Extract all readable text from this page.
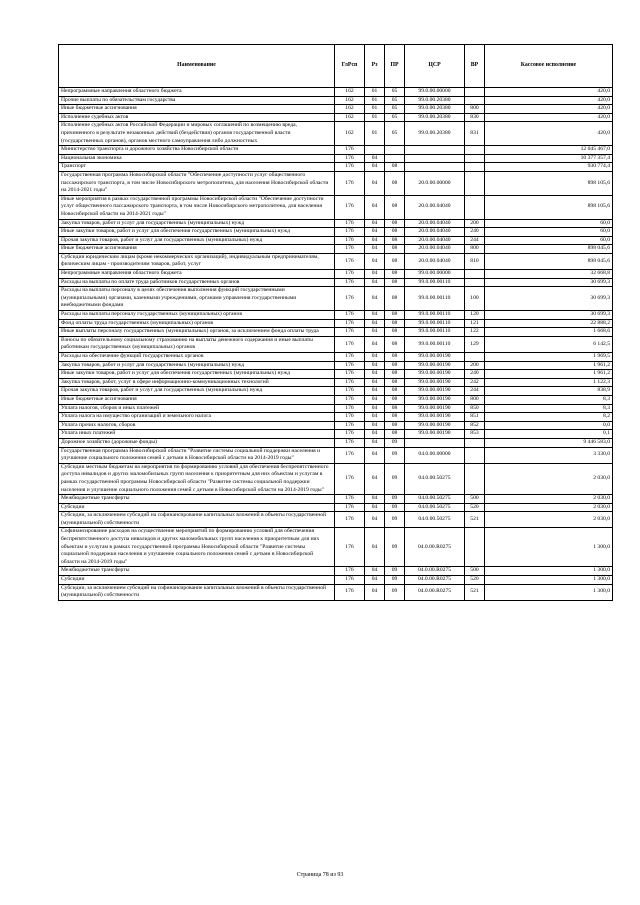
Наименование	ГлРсп	Рз	ПР	ЦСР	ВР	Кассовое исполнение
Непрограммные направления областного бюджета	162	01	05	99.0.00.00000		420,0
Прочие выплаты по обязательствам государства	162	01	05	99.0.00.20380		420,0
Иные бюджетные ассигнования	162	01	05	99.0.00.20380	800	420,0
Исполнение судебных актов	162	01	05	99.0.00.20380	830	420,0
Исполнение судебных актов Российской Федерации и мировых соглашений по возмещению вреда, причиненного в результате незаконных действий (бездействия) органов государственной власти (государственных органов), органов местного самоуправления либо должностных	162	01	05	99.0.00.20380	831	420,0
Министерство транспорта и дорожного хозяйства Новосибирской области	176					12 045 467,0
Национальная экономика	176	04				10 377 357,4
Транспорт	176	04	08			930 774,4
Государственная программа Новосибирской области "Обеспечение доступности услуг общественного пассажирского транспорта, в том числе Новосибирского метрополитена, для населения Новосибирской области на 2014-2021 годы"	176	04	08	20.0.00.00000		898 105,6
Иные мероприятия в рамках государственной программы Новосибирской области "Обеспечение доступности услуг общественного пассажирского транспорта, в том числе Новосибирского метрополитена, для населения Новосибирской области на 2014-2021 годы"	176	04	08	20.0.00.04040		898 105,6
Закупка товаров, работ и услуг для государственных (муниципальных) нужд	176	04	08	20.0.00.04040	200	60,0
Иные закупки товаров, работ и услуг для обеспечения государственных (муниципальных) нужд	176	04	08	20.0.00.04040	240	60,0
Прочая закупка товаров, работ и услуг для государственных (муниципальных) нужд	176	04	08	20.0.00.04040	244	60,0
Иные бюджетные ассигнования	176	04	08	20.0.00.04040	800	898 045,6
Субсидии юридическим лицам (кроме некоммерческих организаций), индивидуальным предпринимателям, физическим лицам - производителям товаров, работ, услуг	176	04	08	20.0.00.04040	810	898 045,6
Непрограммные направления областного бюджета	176	04	08	99.0.00.00000		32 668,8
Расходы на выплаты по оплате труда работников государственных органов	176	04	08	99.0.00.00110		30 699,3
Расходы на выплаты персоналу в целях обеспечения выполнения функций государственными (муниципальными) органами, казенными учреждениями, органами управления государственными внебюджетными фондами	176	04	08	99.0.00.00110	100	30 699,3
Расходы на выплаты персоналу государственных (муниципальных) органов	176	04	08	99.0.00.00110	120	30 699,3
Фонд оплаты труда государственных (муниципальных) органов	176	04	08	99.0.00.00110	121	22 888,2
Иные выплаты персоналу государственных (муниципальных) органов, за исключением фонда оплаты труда	176	04	08	99.0.00.00110	122	1 668,6
Взносы по обязательному социальному страхованию на выплаты денежного содержания и иные выплаты работникам государственных (муниципальных) органов	176	04	08	99.0.00.00110	129	6 142,5
Расходы на обеспечение функций государственных органов	176	04	08	99.0.00.00190		1 969,5
Закупка товаров, работ и услуг для государственных (муниципальных) нужд	176	04	08	99.0.00.00190	200	1 961,2
Иные закупки товаров, работ и услуг для обеспечения государственных (муниципальных) нужд	176	04	08	99.0.00.00190	240	1 961,2
Закупка товаров, работ, услуг в сфере информационно-коммуникационных технологий	176	04	08	99.0.00.00190	242	1 122,3
Прочая закупка товаров, работ и услуг для государственных (муниципальных) нужд	176	04	08	99.0.00.00190	244	838,9
Иные бюджетные ассигнования	176	04	08	99.0.00.00190	800	8,3
Уплата налогов, сборов и иных платежей	176	04	08	99.0.00.00190	850	8,3
Уплата налога на имущество организаций и земельного налога	176	04	08	99.0.00.00190	851	8,2
Уплата прочих налогов, сборов	176	04	08	99.0.00.00190	852	0,0
Уплата иных платежей	176	04	08	99.0.00.00190	853	0,1
Дорожное хозяйство (дорожные фонды)	176	04	09			9 446 583,0
Государственная программа Новосибирской области "Развитие системы социальной поддержки населения и улучшение социального положения семей с детьми в Новосибирской области на 2014-2019 годы"	176	04	09	04.0.00.00000		3 330,0
Субсидии местным бюджетам на мероприятия по формированию условий для обеспечения беспрепятственного доступа инвалидов и других маломобильных групп населения к приоритетным для них объектам и услугам в рамках государственной программы Новосибирской области "Развитие системы социальной поддержки населения и улучшение социального положения семей с детьми в Новосибирской области на 2014-2019 годы"	176	04	09	04.0.00.50275		2 030,0
Межбюджетные трансферты	176	04	09	04.0.00.50275	500	2 030,0
Субсидии	176	04	09	04.0.00.50275	520	2 030,0
Субсидии, за исключением субсидий на софинансирование капитальных вложений в объекты государственной (муниципальной) собственности	176	04	09	04.0.00.50275	521	2 030,0
Софинансирование расходов на осуществление мероприятий по формированию условий для обеспечения беспрепятственного доступа инвалидов и других маломобильных групп населения к приоритетным для них объектам и услугам в рамках государственной программы Новосибирской области "Развитие системы социальной поддержки населения и улучшение социального положения семей с детьми в Новосибирской области на 2014-2019 годы"	176	04	09	04.0.00.R0275		1 300,0
Межбюджетные трансферты	176	04	09	04.0.00.R0275	500	1 300,0
Субсидии	176	04	09	04.0.00.R0275	520	1 300,0
Субсидии, за исключением субсидий на софинансирование капитальных вложений в объекты государственной (муниципальной) собственности	176	04	09	04.0.00.R0275	521	1 300,0
Страница 78 из 93
